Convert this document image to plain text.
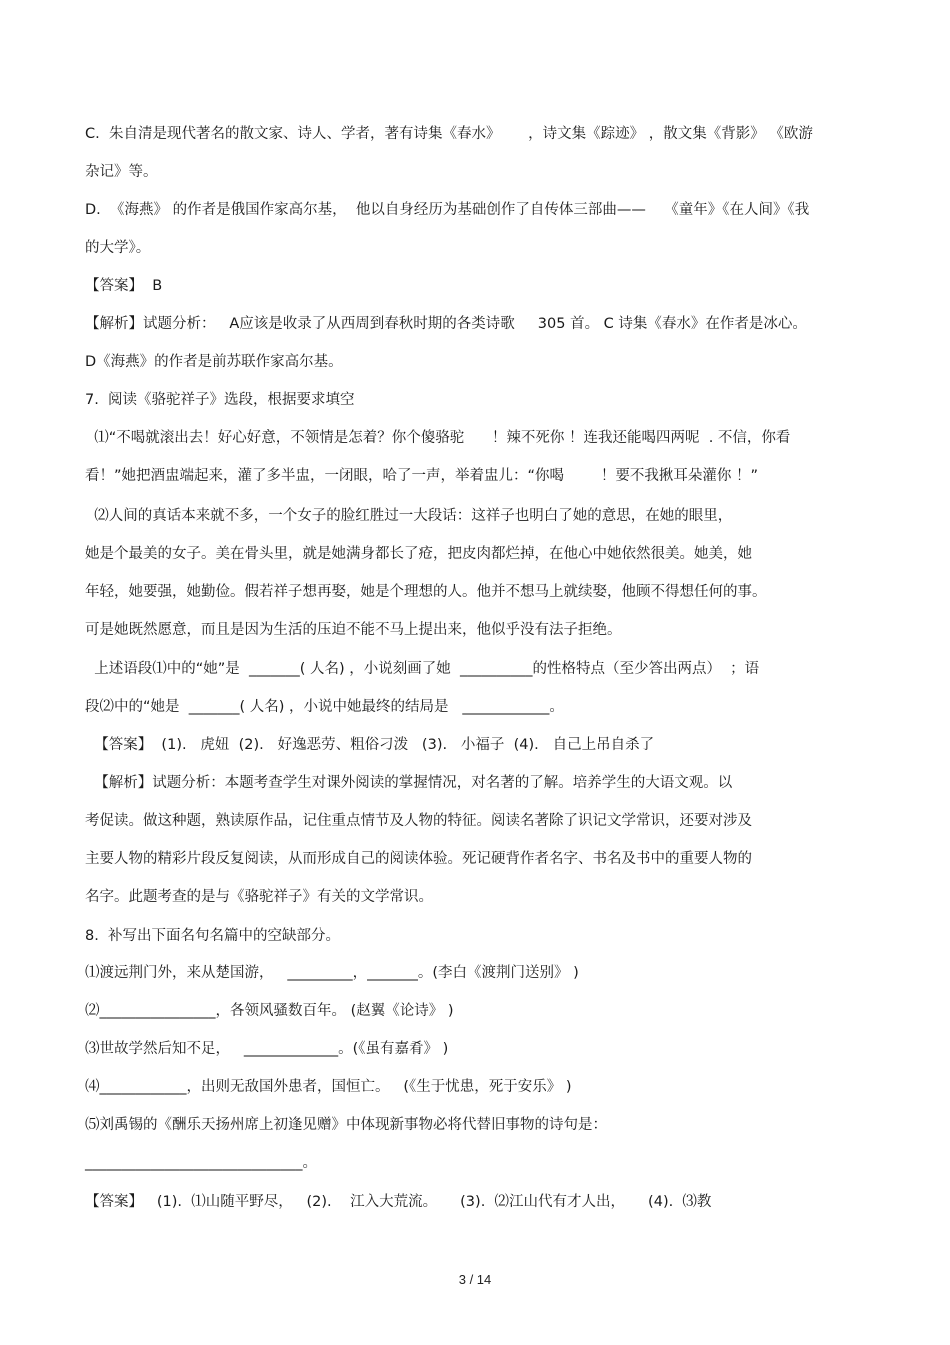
C.  朱自清是现代著名的散文家、诗人、学者，著有诗集《春水》      ，诗文集《踪迹》 ，散文集《背影》 《欧游
杂记》等。
D.  《海燕》 的作者是俄国作家高尔基，  他以自身经历为基础创作了自传体三部曲——    《童年》《在人间》《我
的大学》。
【答案】  B
【解析】试题分析：   A应该是收录了从西周到春秋时期的各类诗歌     305 首。 C 诗集《春水》在作者是冰心。
D《海燕》的作者是前苏联作家高尔基。
7.  阅读《骆驼祥子》选段，根据要求填空
⑴“不喝就滚出去！好心好意，不领情是怎着？你个傻骆驼      ！辣不死你 ！连我还能喝四两呢  . 不信，你看
看！”她把酒盅端起来，灌了多半盅，一闭眼，哈了一声，举着盅儿：“你喝        ！要不我揪耳朵灌你 ！”
⑵人间的真话本来就不多，一个女子的脸红胜过一大段话：这祥子也明白了她的意思，在她的眼里，
她是个最美的女子。美在骨头里，就是她满身都长了疮，把皮肉都烂掉，在他心中她依然很美。她美，她
年轻，她要强，她勤俭。假若祥子想再娶，她是个理想的人。他并不想马上就续娶，他顾不得想任何的事。
可是她既然愿意，而且是因为生活的压迫不能不马上提出来，他似乎没有法子拒绝。
上述语段⑴中的“她”是  _______( 人名) ，小说刻画了她  __________的性格特点（至少答出两点）  ；语
段⑵中的“她是  _______( 人名) ，小说中她最终的结局是   ____________。
【答案】  (1).   虎妞  (2).   好逸恶劳、粗俗刁泼   (3).   小福子  (4).   自己上吊自杀了
【解析】试题分析：本题考查学生对课外阅读的掌握情况，对名著的了解。培养学生的大语文观。以
考促读。做这种题，熟读原作品，记住重点情节及人物的特征。阅读名著除了识记文学常识，还要对涉及
主要人物的精彩片段反复阅读，从而形成自己的阅读体验。死记硬背作者名字、书名及书中的重要人物的
名字。此题考查的是与《骆驼祥子》有关的文学常识。
8.  补写出下面名句名篇中的空缺部分。
⑴渡远荆门外，来从楚国游，   _________，_______。(李白《渡荆门送别》 )
⑵________________，各领风骚数百年。 (赵翼《论诗》 )
⑶世故学然后知不足，   _____________。(《虽有嘉肴》 )
⑷____________，出则无敌国外患者，国恒亡。   (《生于忧患，死于安乐》 )
⑸刘禹锡的《酬乐天扬州席上初逢见赠》中体现新事物必将代替旧事物的诗句是：
______________________________。
【答案】   (1).  ⑴山随平野尽，   (2).    江入大荒流。     (3).  ⑵江山代有才人出，     (4).  ⑶教
3 / 14
